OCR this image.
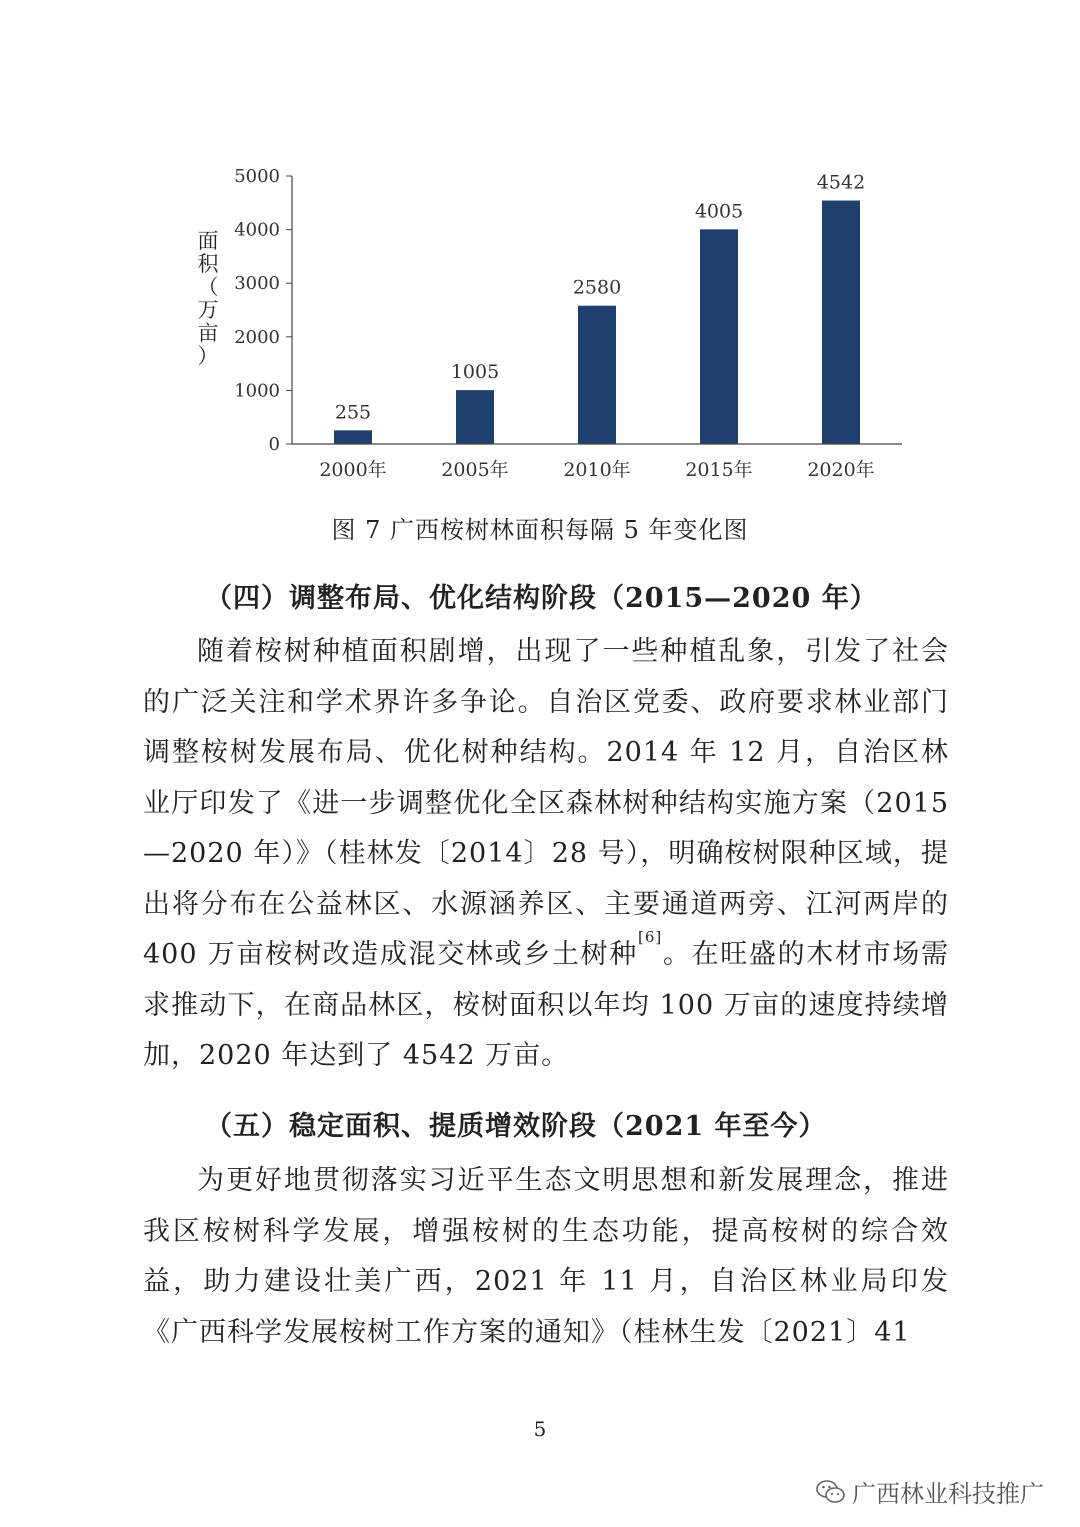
0
1000
2000
3000
4000
5000
255
1005
2580
4005
4542
2000年	2005年	2010年	2015年	2020年
面积（万亩）
图 7 广西桉树林面积每隔 5 年变化图
（四）调整布局、优化结构阶段（2015—2020 年）
随着桉树种植面积剧增，出现了一些种植乱象，引发了社会的广泛关注和学术界许多争论。自治区党委、政府要求林业部门调整桉树发展布局、优化树种结构。2014 年 12 月，自治区林业厅印发了《进一步调整优化全区森林树种结构实施方案（2015—2020 年）》（桂林发〔2014〕28 号），明确桉树限种区域，提出将分布在公益林区、水源涵养区、主要通道两旁、江河两岸的 400 万亩桉树改造成混交林或乡土树种[6]。在旺盛的木材市场需求推动下，在商品林区，桉树面积以年均 100 万亩的速度持续增加，2020 年达到了 4542 万亩。
（五）稳定面积、提质增效阶段（2021 年至今）
为更好地贯彻落实习近平生态文明思想和新发展理念，推进我区桉树科学发展，增强桉树的生态功能，提高桉树的综合效益，助力建设壮美广西，2021 年 11 月，自治区林业局印发《广西科学发展桉树工作方案的通知》（桂林生发〔2021〕41
5
广西林业科技推广
